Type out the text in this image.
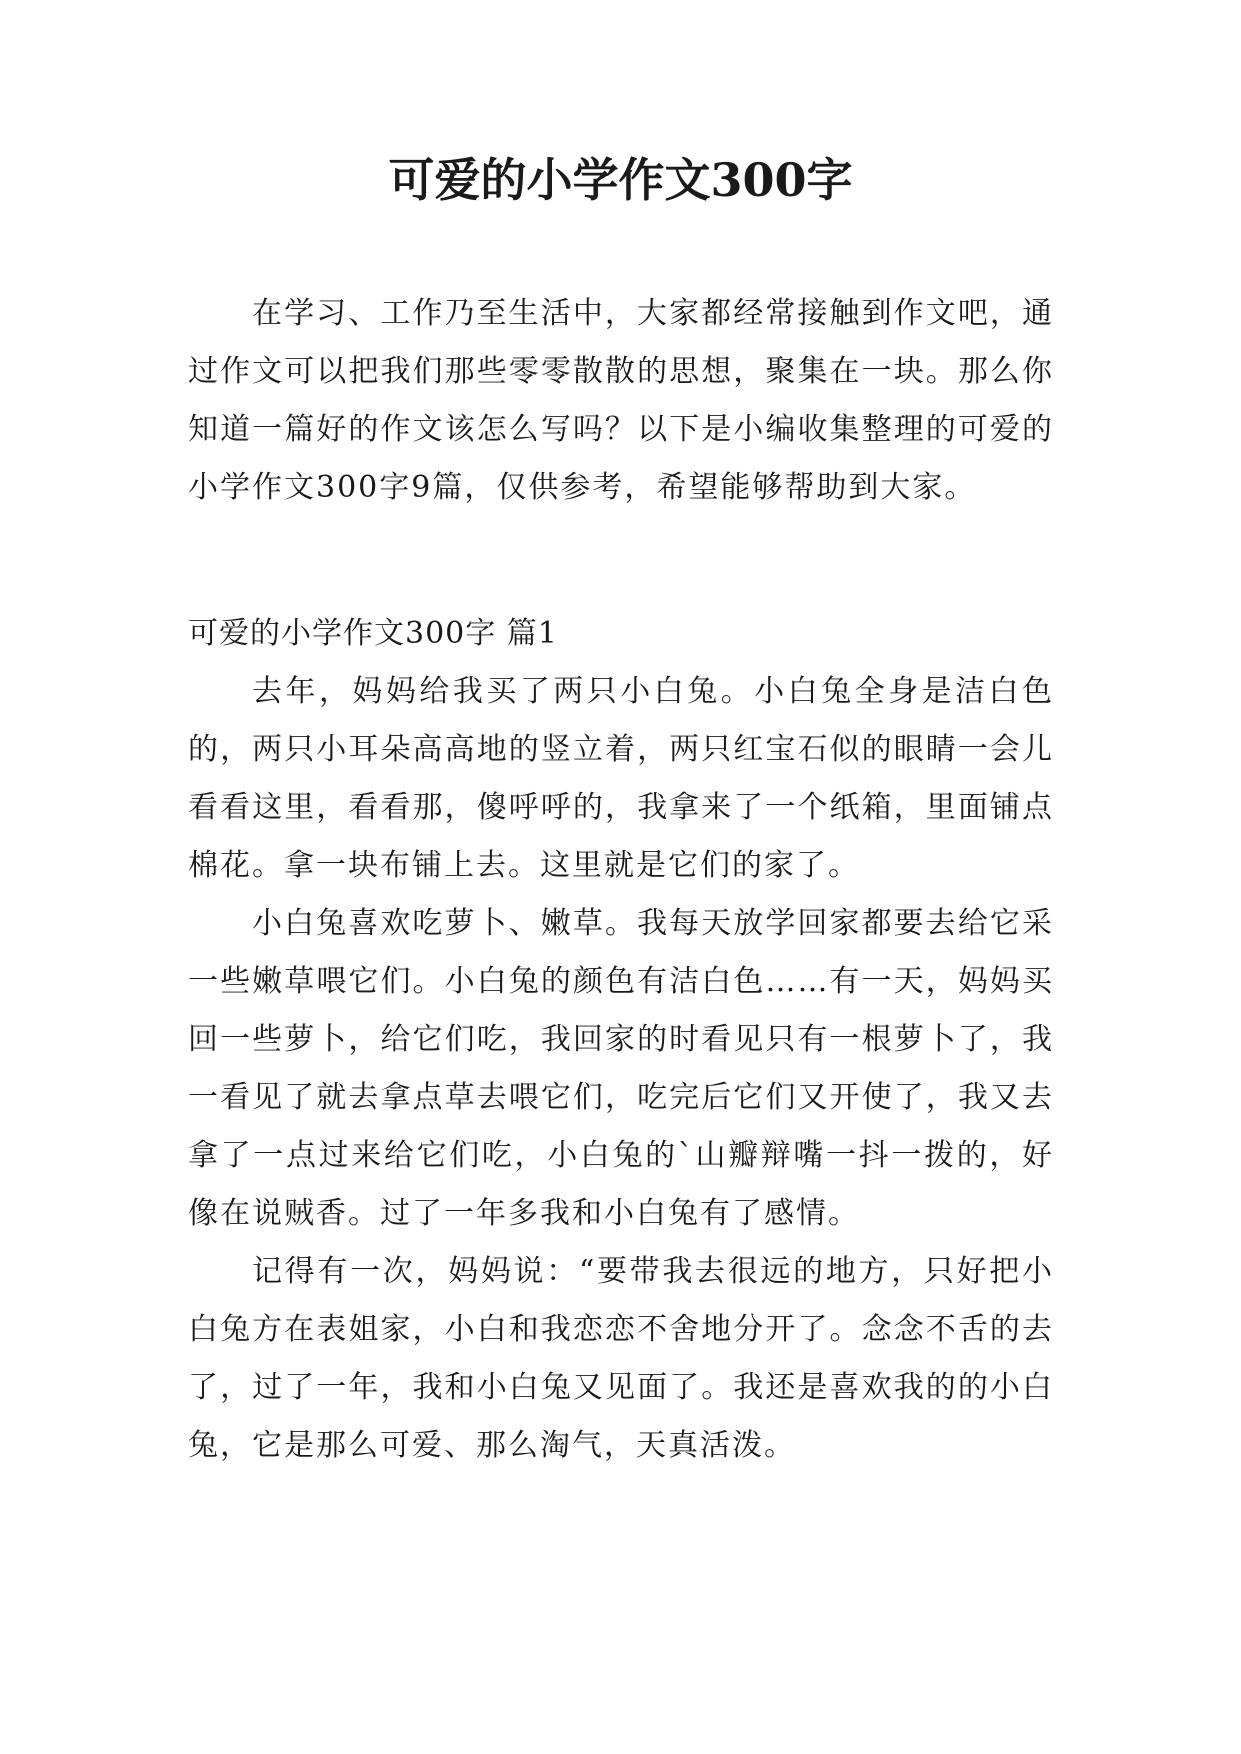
可爱的小学作文300字

在学习、工作乃至生活中，大家都经常接触到作文吧，通过作文可以把我们那些零零散散的思想，聚集在一块。那么你知道一篇好的作文该怎么写吗？以下是小编收集整理的可爱的小学作文300字9篇，仅供参考，希望能够帮助到大家。

可爱的小学作文300字 篇1

去年，妈妈给我买了两只小白兔。小白兔全身是洁白色的，两只小耳朵高高地的竖立着，两只红宝石似的眼睛一会儿看看这里，看看那，傻呼呼的，我拿来了一个纸箱，里面铺点棉花。拿一块布铺上去。这里就是它们的家了。

小白兔喜欢吃萝卜、嫩草。我每天放学回家都要去给它采一些嫩草喂它们。小白兔的颜色有洁白色……有一天，妈妈买回一些萝卜，给它们吃，我回家的时看见只有一根萝卜了，我一看见了就去拿点草去喂它们，吃完后它们又开使了，我又去拿了一点过来给它们吃，小白兔的`山瓣辩嘴一抖一拨的，好像在说贼香。过了一年多我和小白兔有了感情。

记得有一次，妈妈说：“要带我去很远的地方，只好把小白兔方在表姐家，小白和我恋恋不舍地分开了。念念不舌的去了，过了一年，我和小白兔又见面了。我还是喜欢我的的小白兔，它是那么可爱、那么淘气，天真活泼。
